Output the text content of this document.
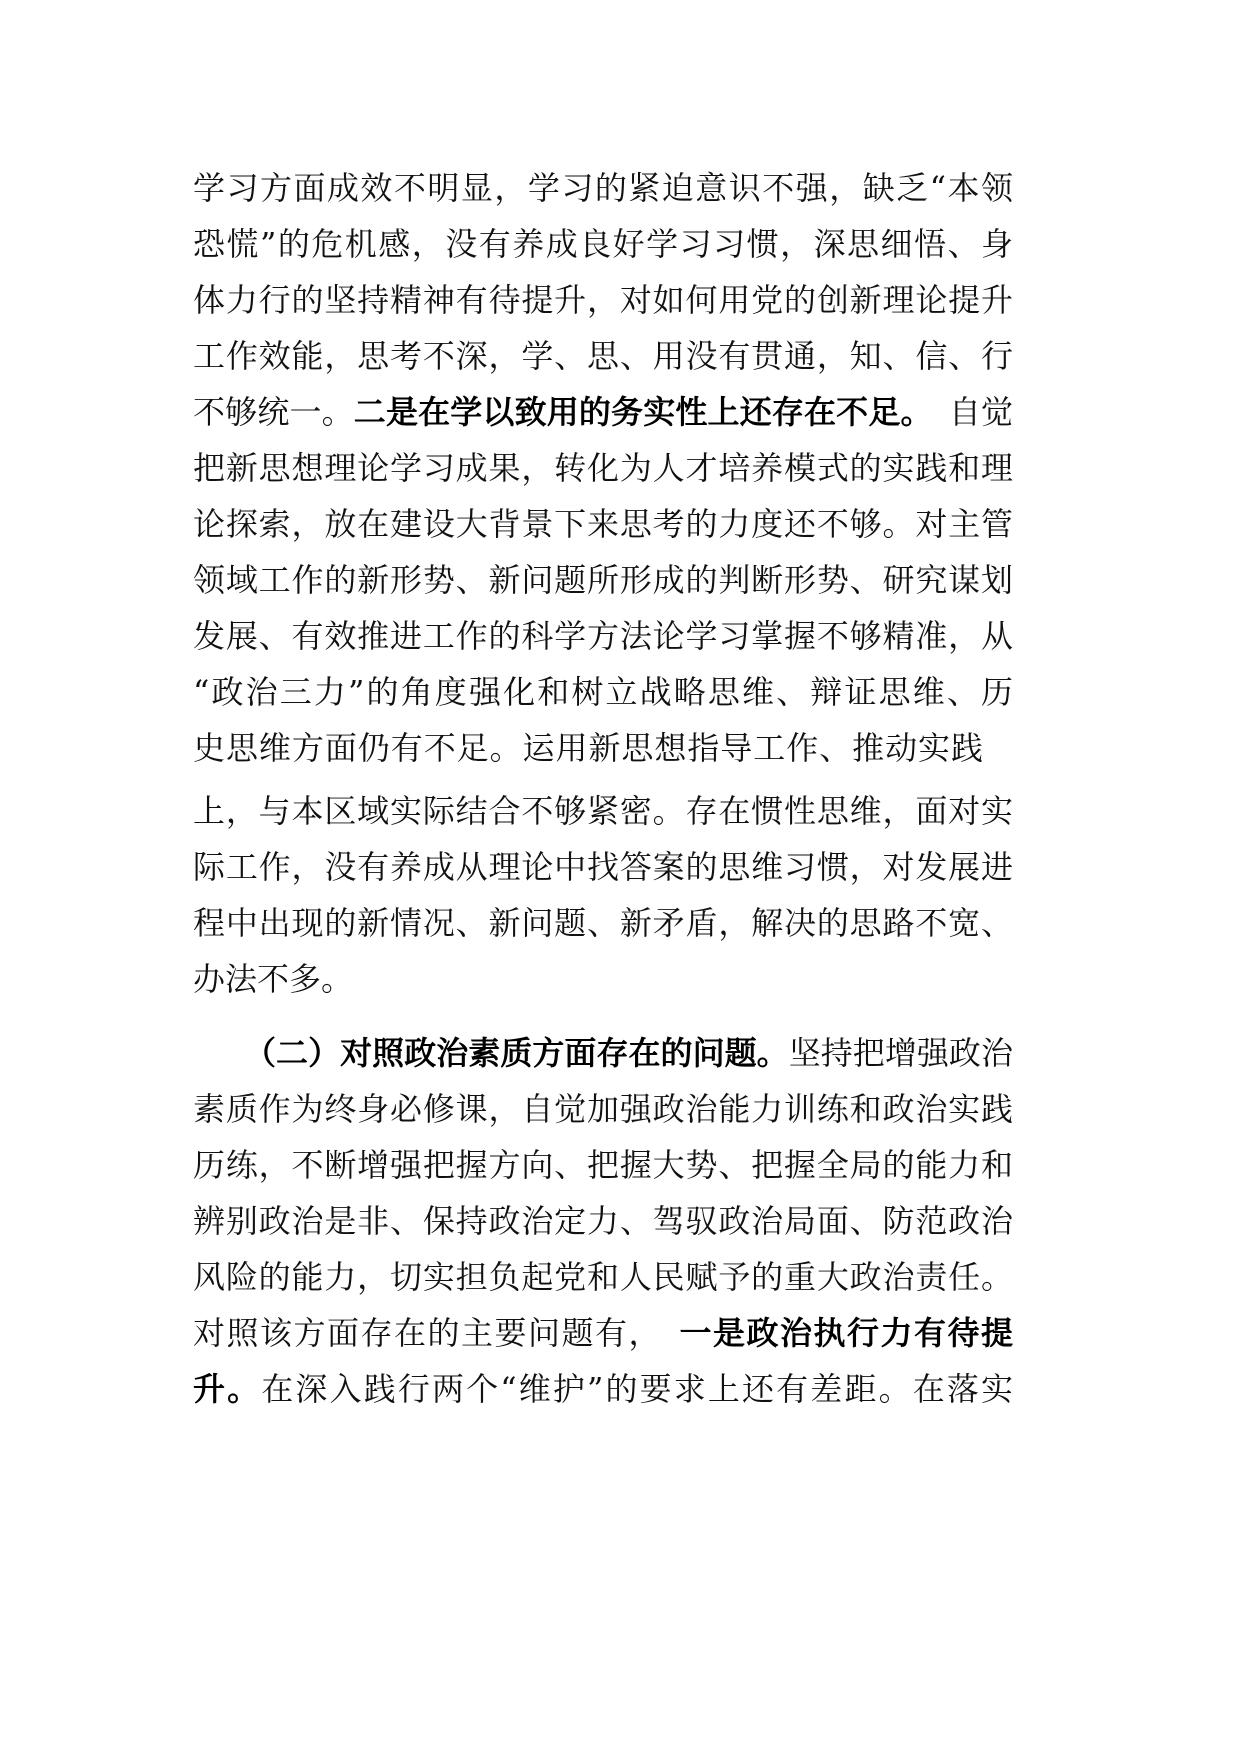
学习方面成效不明显，学习的紧迫意识不强，缺乏“本领
恐慌”的危机感，没有养成良好学习习惯，深思细悟、身
体力行的坚持精神有待提升，对如何用党的创新理论提升
工作效能，思考不深，学、思、用没有贯通，知、信、行
不够统一。二是在学以致用的务实性上还存在不足。　自觉
把新思想理论学习成果，转化为人才培养模式的实践和理
论探索，放在建设大背景下来思考的力度还不够。对主管
领域工作的新形势、新问题所形成的判断形势、研究谋划
发展、有效推进工作的科学方法论学习掌握不够精准，从
“政治三力”的角度强化和树立战略思维、辩证思维、历
史思维方面仍有不足。运用新思想指导工作、推动实践
上，与本区域实际结合不够紧密。存在惯性思维，面对实
际工作，没有养成从理论中找答案的思维习惯，对发展进
程中出现的新情况、新问题、新矛盾，解决的思路不宽、
办法不多。
（二）对照政治素质方面存在的问题。坚持把增强政治
素质作为终身必修课，自觉加强政治能力训练和政治实践
历练，不断增强把握方向、把握大势、把握全局的能力和
辨别政治是非、保持政治定力、驾驭政治局面、防范政治
风险的能力，切实担负起党和人民赋予的重大政治责任。
对照该方面存在的主要问题有，　一是政治执行力有待提
升。在深入践行两个“维护”的要求上还有差距。在落实
